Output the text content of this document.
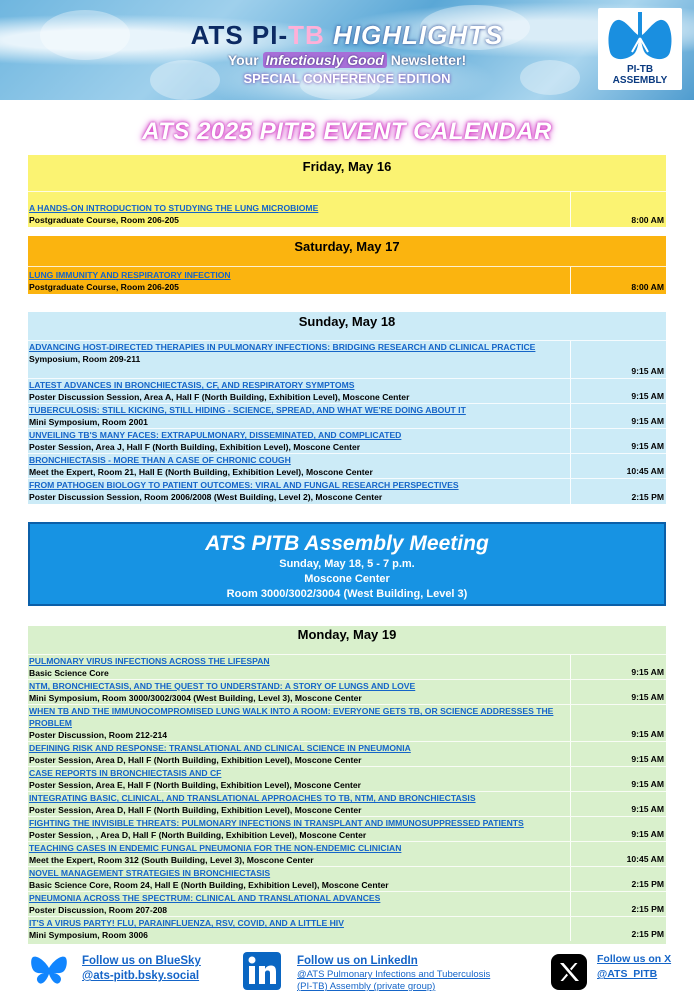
ATS PI-TB HIGHLIGHTS
Your Infectiously Good Newsletter!
SPECIAL CONFERENCE EDITION
PI-TB
ASSEMBLY
ATS 2025 PITB EVENT CALENDAR
Friday, May 16
A HANDS-ON INTRODUCTION TO STUDYING THE LUNG MICROBIOME
Postgraduate Course, Room 206-205	8:00 AM
Saturday, May 17
LUNG IMMUNITY AND RESPIRATORY INFECTION
Postgraduate Course, Room 206-205	8:00 AM
Sunday, May 18
ADVANCING HOST-DIRECTED THERAPIES IN PULMONARY INFECTIONS: BRIDGING RESEARCH AND CLINICAL PRACTICE
Symposium, Room 209-211
9:15 AM
LATEST ADVANCES IN BRONCHIECTASIS, CF, AND RESPIRATORY SYMPTOMS
Poster Discussion Session, Area A, Hall F (North Building, Exhibition Level), Moscone Center	9:15 AM
TUBERCULOSIS: STILL KICKING, STILL HIDING - SCIENCE, SPREAD, AND WHAT WE'RE DOING ABOUT IT
Mini Symposium, Room 2001	9:15 AM
UNVEILING TB'S MANY FACES: EXTRAPULMONARY, DISSEMINATED, AND COMPLICATED
Poster Session, Area J, Hall F (North Building, Exhibition Level), Moscone Center	9:15 AM
BRONCHIECTASIS - MORE THAN A CASE OF CHRONIC COUGH
Meet the Expert, Room 21, Hall E (North Building, Exhibition Level), Moscone Center	10:45 AM
FROM PATHOGEN BIOLOGY TO PATIENT OUTCOMES: VIRAL AND FUNGAL RESEARCH PERSPECTIVES
Poster Discussion Session, Room 2006/2008 (West Building, Level 2), Moscone Center	2:15 PM
ATS PITB Assembly Meeting
Sunday, May 18, 5 - 7 p.m.
Moscone Center
Room 3000/3002/3004 (West Building, Level 3)
Monday, May 19
PULMONARY VIRUS INFECTIONS ACROSS THE LIFESPAN
Basic Science Core	9:15 AM
NTM, BRONCHIECTASIS, AND THE QUEST TO UNDERSTAND: A STORY OF LUNGS AND LOVE
Mini Symposium, Room 3000/3002/3004 (West Building, Level 3), Moscone Center	9:15 AM
WHEN TB AND THE IMMUNOCOMPROMISED LUNG WALK INTO A ROOM: EVERYONE GETS TB, OR SCIENCE ADDRESSES THE PROBLEM
Poster Discussion, Room 212-214	9:15 AM
DEFINING RISK AND RESPONSE: TRANSLATIONAL AND CLINICAL SCIENCE IN PNEUMONIA
Poster Session, Area D, Hall F (North Building, Exhibition Level), Moscone Center	9:15 AM
CASE REPORTS IN BRONCHIECTASIS AND CF
Poster Session, Area E, Hall F (North Building, Exhibition Level), Moscone Center	9:15 AM
INTEGRATING BASIC, CLINICAL, AND TRANSLATIONAL APPROACHES TO TB, NTM, AND BRONCHIECTASIS
Poster Session, Area D, Hall F (North Building, Exhibition Level), Moscone Center	9:15 AM
FIGHTING THE INVISIBLE THREATS: PULMONARY INFECTIONS IN TRANSPLANT AND IMMUNOSUPPRESSED PATIENTS
Poster Session, , Area D, Hall F (North Building, Exhibition Level), Moscone Center	9:15 AM
TEACHING CASES IN ENDEMIC FUNGAL PNEUMONIA FOR THE NON-ENDEMIC CLINICIAN
Meet the Expert, Room 312 (South Building, Level 3), Moscone Center	10:45 AM
NOVEL MANAGEMENT STRATEGIES IN BRONCHIECTASIS
Basic Science Core, Room 24, Hall E (North Building, Exhibition Level), Moscone Center	2:15 PM
PNEUMONIA ACROSS THE SPECTRUM: CLINICAL AND TRANSLATIONAL ADVANCES
Poster Discussion, Room 207-208	2:15 PM
IT'S A VIRUS PARTY! FLU, PARAINFLUENZA, RSV, COVID, AND A LITTLE HIV
Mini Symposium, Room 3006	2:15 PM
Follow us on BlueSky
@ats-pitb.bsky.social
Follow us on LinkedIn
@ATS Pulmonary Infections and Tuberculosis
(PI-TB) Assembly (private group)
Follow us on X
@ATS_PITB
